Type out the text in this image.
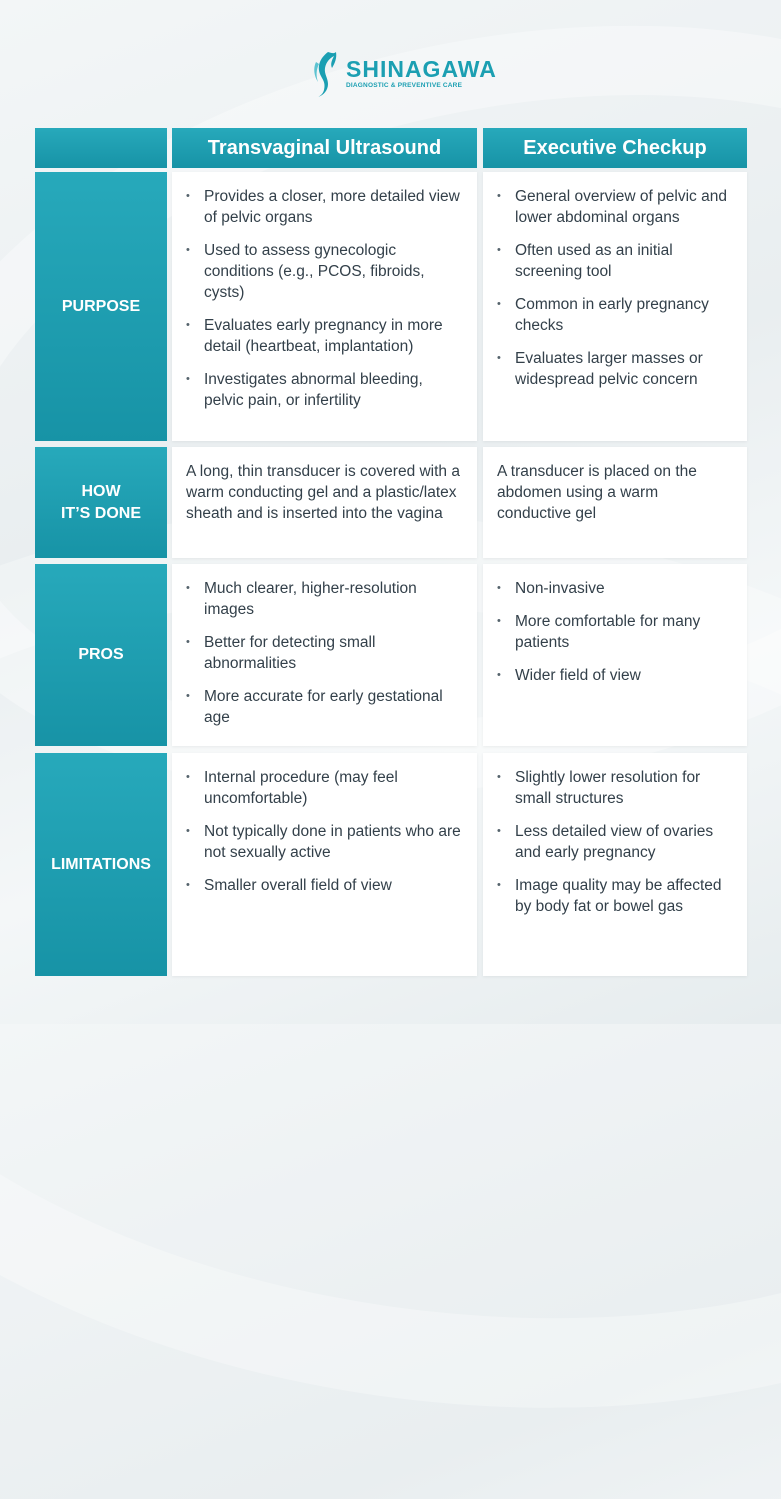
SHINAGAWA
DIAGNOSTIC & PREVENTIVE CARE
Transvaginal Ultrasound	Executive Checkup
PURPOSE
• Provides a closer, more detailed view of pelvic organs
• Used to assess gynecologic conditions (e.g., PCOS, fibroids, cysts)
• Evaluates early pregnancy in more detail (heartbeat, implantation)
• Investigates abnormal bleeding, pelvic pain, or infertility
• General overview of pelvic and lower abdominal organs
• Often used as an initial screening tool
• Common in early pregnancy checks
• Evaluates larger masses or widespread pelvic concern
HOW
IT’S DONE
A long, thin transducer is covered with a warm conducting gel and a plastic/latex sheath and is inserted into the vagina
A transducer is placed on the abdomen using a warm conductive gel
PROS
• Much clearer, higher-resolution images
• Better for detecting small abnormalities
• More accurate for early gestational age
• Non-invasive
• More comfortable for many patients
• Wider field of view
LIMITATIONS
• Internal procedure (may feel uncomfortable)
• Not typically done in patients who are not sexually active
• Smaller overall field of view
• Slightly lower resolution for small structures
• Less detailed view of ovaries and early pregnancy
• Image quality may be affected by body fat or bowel gas
